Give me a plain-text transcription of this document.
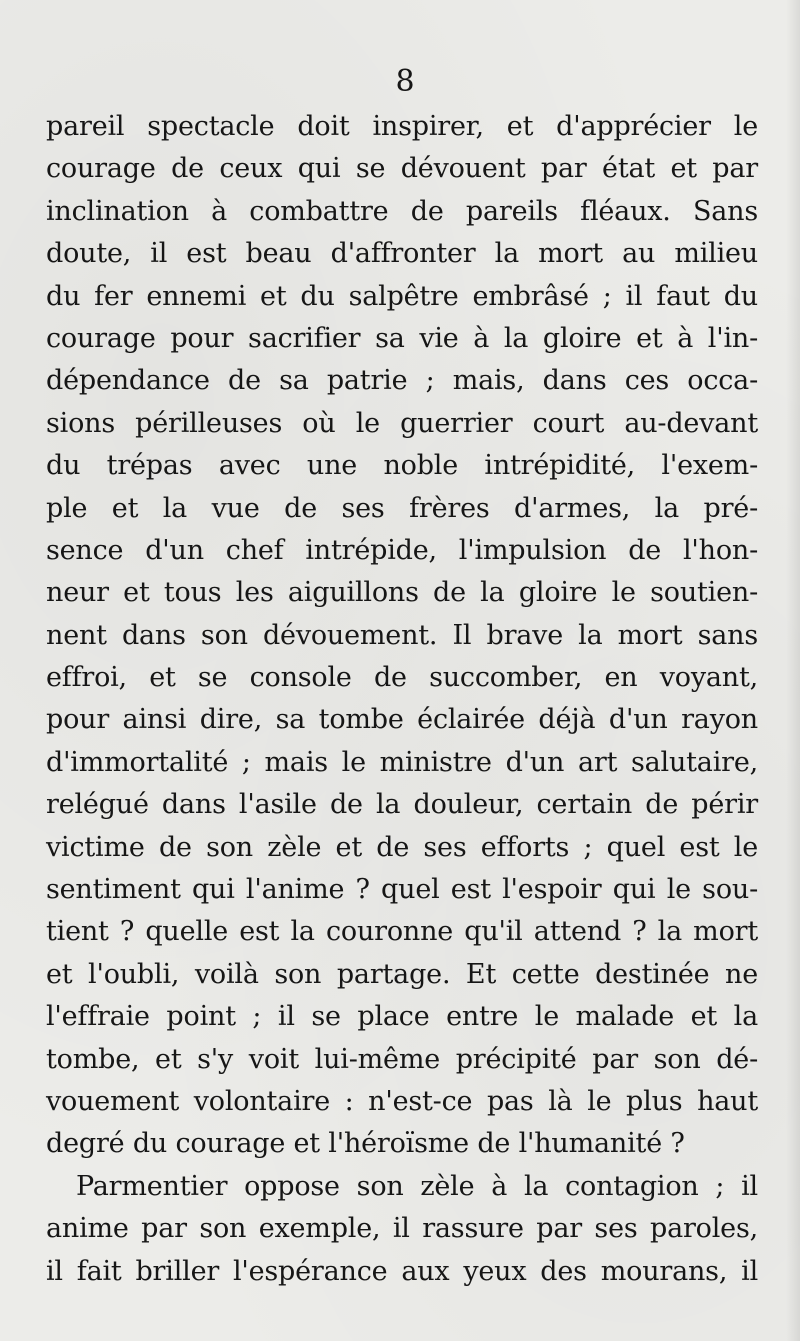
8
pareil spectacle doit inspirer, et d'apprécier le
courage de ceux qui se dévouent par état et par
inclination à combattre de pareils fléaux. Sans
doute, il est beau d'affronter la mort au milieu
du fer ennemi et du salpêtre embrâsé ; il faut du
courage pour sacrifier sa vie à la gloire et à l'in-
dépendance de sa patrie ; mais, dans ces occa-
sions périlleuses où le guerrier court au-devant
du trépas avec une noble intrépidité, l'exem-
ple et la vue de ses frères d'armes, la pré-
sence d'un chef intrépide, l'impulsion de l'hon-
neur et tous les aiguillons de la gloire le soutien-
nent dans son dévouement. Il brave la mort sans
effroi, et se console de succomber, en voyant,
pour ainsi dire, sa tombe éclairée déjà d'un rayon
d'immortalité ; mais le ministre d'un art salutaire,
relégué dans l'asile de la douleur, certain de périr
victime de son zèle et de ses efforts ; quel est le
sentiment qui l'anime ? quel est l'espoir qui le sou-
tient ? quelle est la couronne qu'il attend ? la mort
et l'oubli, voilà son partage. Et cette destinée ne
l'effraie point ; il se place entre le malade et la
tombe, et s'y voit lui-même précipité par son dé-
vouement volontaire : n'est-ce pas là le plus haut
degré du courage et l'héroïsme de l'humanité ?
Parmentier oppose son zèle à la contagion ; il
anime par son exemple, il rassure par ses paroles,
il fait briller l'espérance aux yeux des mourans, il
